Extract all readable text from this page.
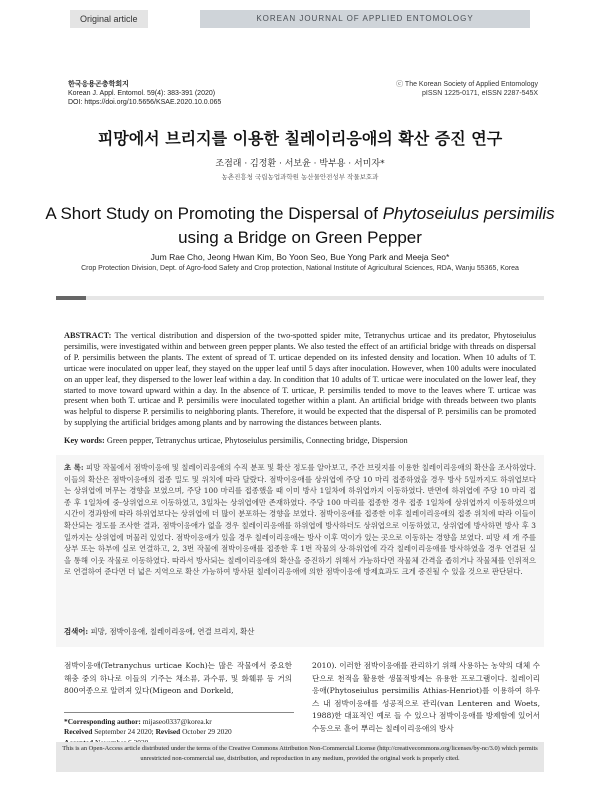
Original article	KOREAN JOURNAL OF APPLIED ENTOMOLOGY
한국응용곤충학회지
Korean J. Appl. Entomol. 59(4): 383-391 (2020)
DOI: https://doi.org/10.5656/KSAE.2020.10.0.065
ⓒ The Korean Society of Applied Entomology
pISSN 1225-0171, eISSN 2287-545X
피망에서 브리지를 이용한 칠레이리응애의 확산 증진 연구
조점래 · 김정환 · 서보윤 · 박부용 · 서미자*
농촌진흥청 국립농업과학원 농산물안전성부 작물보호과
A Short Study on Promoting the Dispersal of Phytoseiulus persimilis
using a Bridge on Green Pepper
Jum Rae Cho, Jeong Hwan Kim, Bo Yoon Seo, Bue Yong Park and Meeja Seo*
Crop Protection Division, Dept. of Agro-food Safety and Crop protection, National Institute of Agricultural Sciences, RDA, Wanju 55365, Korea
ABSTRACT: The vertical distribution and dispersion of the two-spotted spider mite, Tetranychus urticae and its predator, Phytoseiulus persimilis, were investigated within and between green pepper plants. We also tested the effect of an artificial bridge with threads on dispersal of P. persimilis between the plants. The extent of spread of T. urticae depended on its infested density and location. When 10 adults of T. urticae were inoculated on upper leaf, they stayed on the upper leaf until 5 days after inoculation. However, when 100 adults were inoculated on an upper leaf, they dispersed to the lower leaf within a day. In condition that 10 adults of T. urticae were inoculated on the lower leaf, they started to move toward upward within a day. In the absence of T. urticae, P. persimilis tended to move to the leaves where T. urticae was present when both T. urticae and P. persimilis were inoculated together within a plant. An artificial bridge with threads between two plants was helpful to disperse P. persimilis to neighboring plants. Therefore, it would be expected that the dispersal of P. persimilis can be promoted by supplying the artificial bridges among plants and by narrowing the distances between plants.
Key words: Green pepper, Tetranychus urticae, Phytoseiulus persimilis, Connecting bridge, Dispersion
초 록: 피망 작물에서 점박이응애 및 칠레이리응애의 수직 분포 및 확산 정도를 알아보고, 주간 브릿지를 이용한 칠레이리응애의 확산을 조사하였다. 이들의 확산은 점박이응애의 접종 밀도 및 위치에 따라 달랐다. 점박이응애를 상위엽에 주당 10 마리 접종하였을 경우 방사 5일까지도 하위엽보다는 상위엽에 머무는 경향을 보였으며, 주당 100 마리를 접종했을 때 이미 방사 1일차에 하위엽까지 이동하였다. 반면에 하위엽에 주당 10 마리 접종 후 1일차에 중·상위엽으로 이동하였고, 3일차는 상위엽에만 존재하였다. 주당 100 마리를 접종한 경우 접종 1일차에 상위엽까지 이동하였으며 시간이 경과함에 따라 하위엽보다는 상위엽에 더 많이 분포하는 경향을 보였다. 점박이응애를 접종한 이후 칠레이리응애의 접종 위치에 따라 이들이 확산되는 정도를 조사한 결과, 점박이응애가 없을 경우 칠레이리응애를 하위엽에 방사하더도 상위엽으로 이동하였고, 상위엽에 방사하면 방사 후 3일까지는 상위엽에 머물러 있었다. 점박이응애가 있을 경우 칠레이리응애는 방사 이후 먹이가 있는 곳으로 이동하는 경향을 보였다. 피망 세 개 주를 상부 또는 하부에 실로 연결하고, 2, 3번 작물에 점박이응애를 접종한 후 1번 작물의 상·하위엽에 각각 칠레이리응애를 방사하였을 경우 연결된 실을 통해 이웃 작물로 이동하였다. 따라서 방사되는 칠레이리응애의 확산을 증진하기 위해서 가능하다면 작물체 간격을 좁히거나 작물체를 인위적으로 연결하여 준다면 더 넓은 지역으로 확산 가능하여 방사된 칠레이리응애에 의한 점박이응애 방제효과도 크게 증진될 수 있을 것으로 판단된다.
검색어: 피망, 점박이응애, 칠레이리응애, 연결 브리지, 확산
점박이응애(Tetranychus urticae Koch)는 많은 작물에서 중요한 해충 중의 하나로 이들의 기주는 채소류, 과수류, 및 화훼류 등 거의 800여종으로 알려져 있다(Migeon and Dorkeld,
2010). 이러한 점박이응애를 관리하기 위해 사용하는 농약의 대체 수단으로 천적을 활용한 생물적방제는 유용한 프로그램이다. 칠레이리응애(Phytoseiulus persimilis Athias-Henriot)를 이용하여 하우스 내 점박이응애를 성공적으로 관리(van Lenteren and Woets, 1988)한 대표적인 예로 들 수 있으나 점박이응애를 방제함에 있어서 수동으로 흩어 뿌리는 칠레이리응애의 방사
*Corresponding author: mijaseo0337@korea.kr
Received September 24 2020; Revised October 29 2020
This is an Open-Access article distributed under the terms of the Creative Commons Attribution Non-Commercial License (http://creativecommons.org/licenses/by-nc/3.0) which permits unrestricted non-commercial use, distribution, and reproduction in any medium, provided the original work is properly cited.
